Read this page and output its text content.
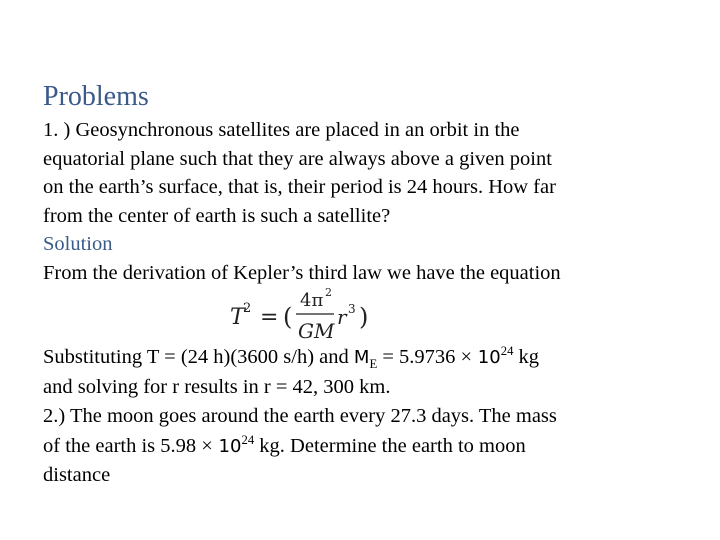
Problems
1. ) Geosynchronous satellites are placed in an orbit in the
equatorial plane such that they are always above a given point
on the earth’s surface, that is, their period is 24 hours. How far
from the center of earth is such a satellite?
Solution
From the derivation of Kepler’s third law we have the equation
T
2 = (
4π 2
GM
r 3 )
Substituting T = (24 h)(3600 s/h) and $M_E = 5.9736 \times 10^{24}$ kg
and solving for r results in r = 42, 300 km.
2.) The moon goes around the earth every 27.3 days. The mass
of the earth is $5.98 \times 10^{24}$ kg. Determine the earth to moon
distance
